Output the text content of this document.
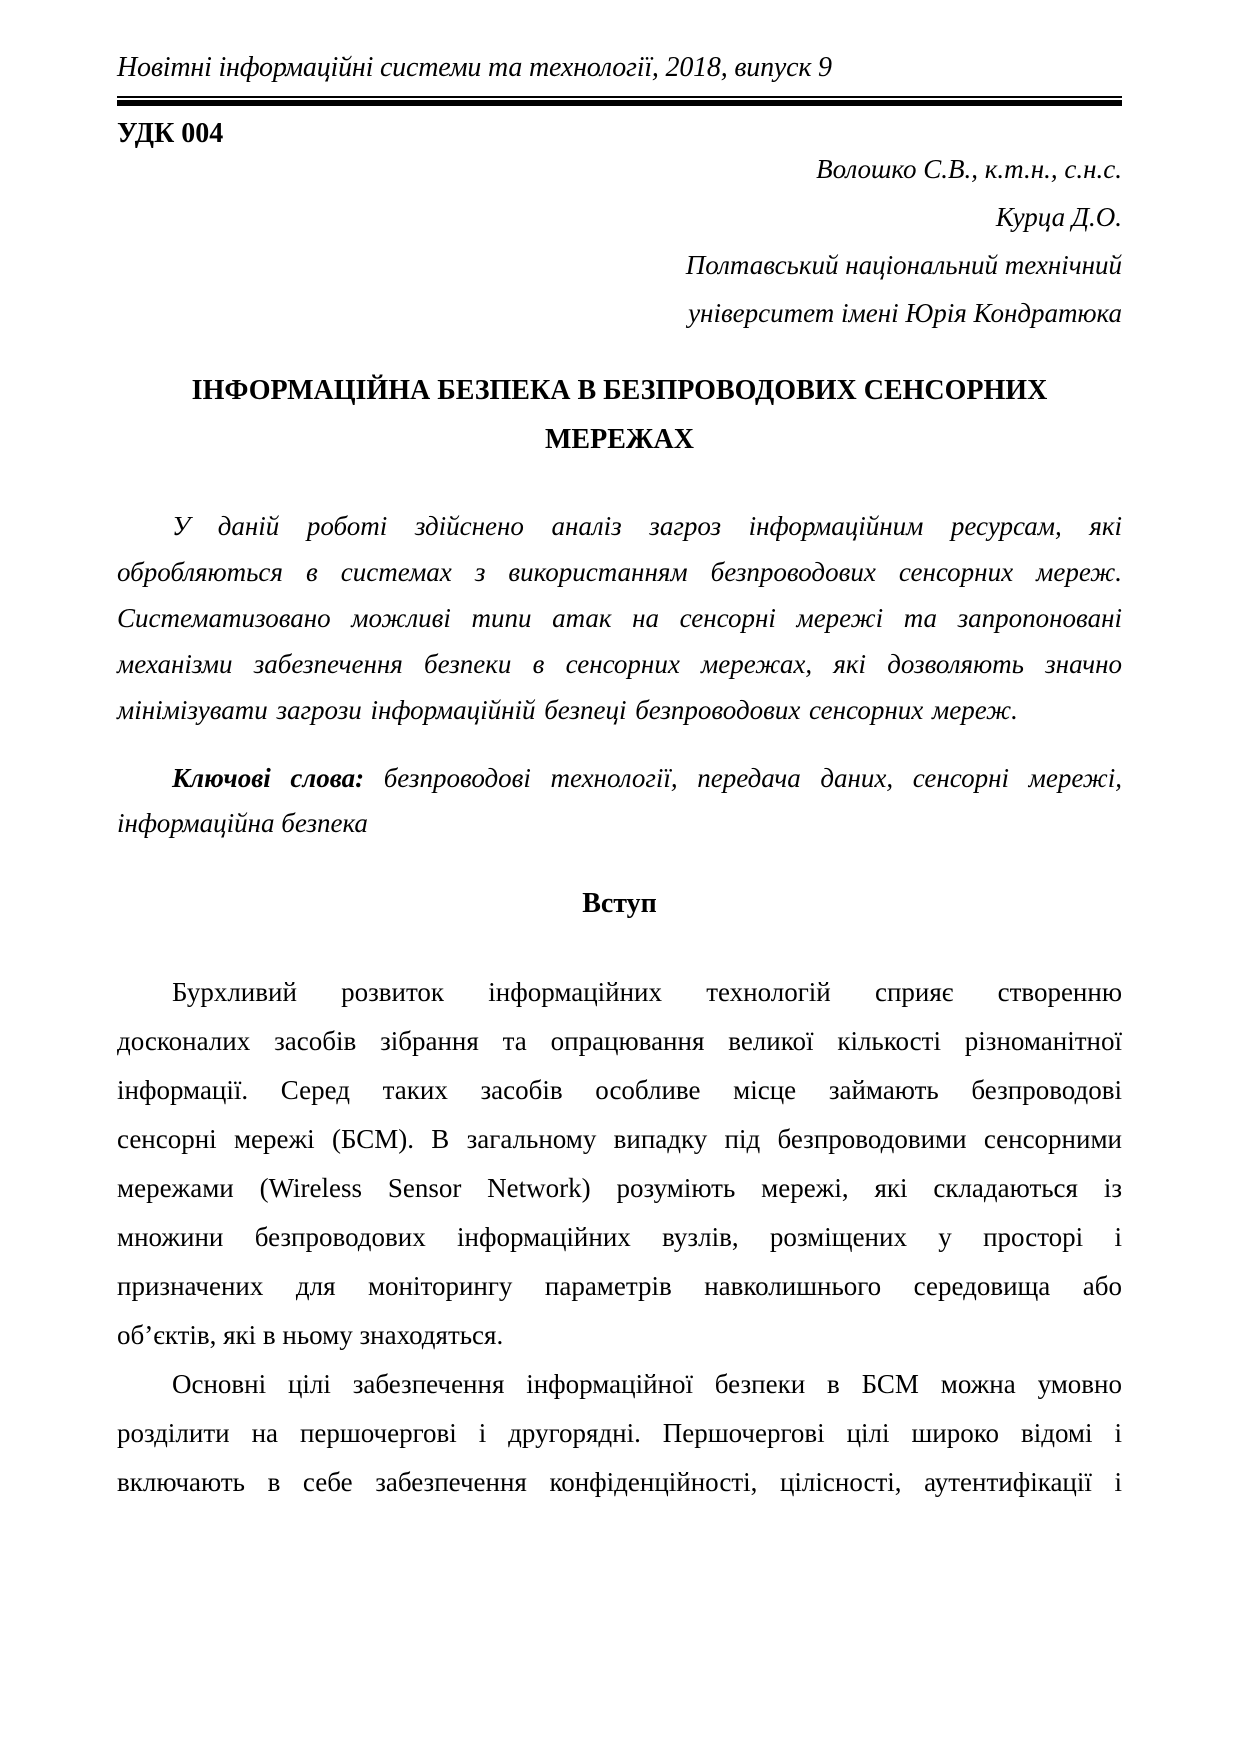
Новітні інформаційні системи та технології, 2018, випуск 9
УДК 004
Волошко С.В., к.т.н., с.н.с.
Курца Д.О.
Полтавський національний технічний
університет імені Юрія Кондратюка
ІНФОРМАЦІЙНА БЕЗПЕКА В БЕЗПРОВОДОВИХ СЕНСОРНИХ
МЕРЕЖАХ
У даній роботі здійснено аналіз загроз інформаційним ресурсам, які
обробляються в системах з використанням безпроводових сенсорних мереж.
Систематизовано можливі типи атак на сенсорні мережі та запропоновані
механізми забезпечення безпеки в сенсорних мережах, які дозволяють значно
мінімізувати загрози інформаційній безпеці безпроводових сенсорних мереж.
Ключові слова: безпроводові технології, передача даних, сенсорні мережі,
інформаційна безпека
Вступ
Бурхливий розвиток інформаційних технологій сприяє створенню
досконалих засобів зібрання та опрацювання великої кількості різноманітної
інформації. Серед таких засобів особливе місце займають безпроводові
сенсорні мережі (БСМ). В загальному випадку під безпроводовими сенсорними
мережами (Wireless Sensor Network) розуміють мережі, які складаються із
множини безпроводових інформаційних вузлів, розміщених у просторі і
призначених для моніторингу параметрів навколишнього середовища або
об’єктів, які в ньому знаходяться.
Основні цілі забезпечення інформаційної безпеки в БСМ можна умовно
розділити на першочергові і другорядні. Першочергові цілі широко відомі і
включають в себе забезпечення конфіденційності, цілісності, аутентифікації і
